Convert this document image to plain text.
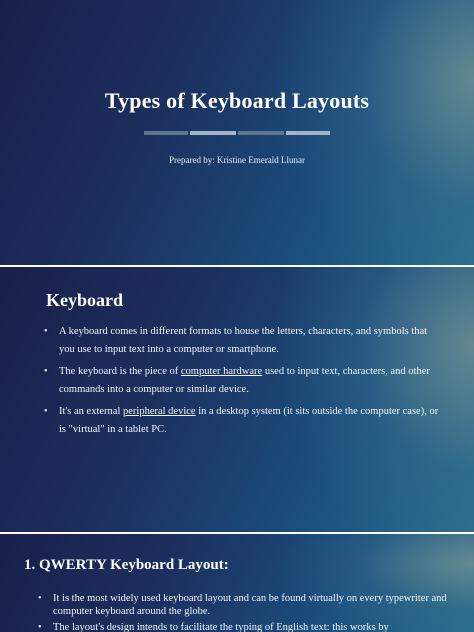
Types of Keyboard Layouts
Prepared by: Kristine Emerald Llunar
Keyboard
• A keyboard comes in different formats to house the letters, characters, and symbols that you use to input text into a computer or smartphone.
• The keyboard is the piece of computer hardware used to input text, characters, and other commands into a computer or similar device.
• It's an external peripheral device in a desktop system (it sits outside the computer case), or is "virtual" in a tablet PC.
1. QWERTY Keyboard Layout:
• It is the most widely used keyboard layout and can be found virtually on every typewriter and computer keyboard around the globe.
• The layout's design intends to facilitate the typing of English text: this works by
